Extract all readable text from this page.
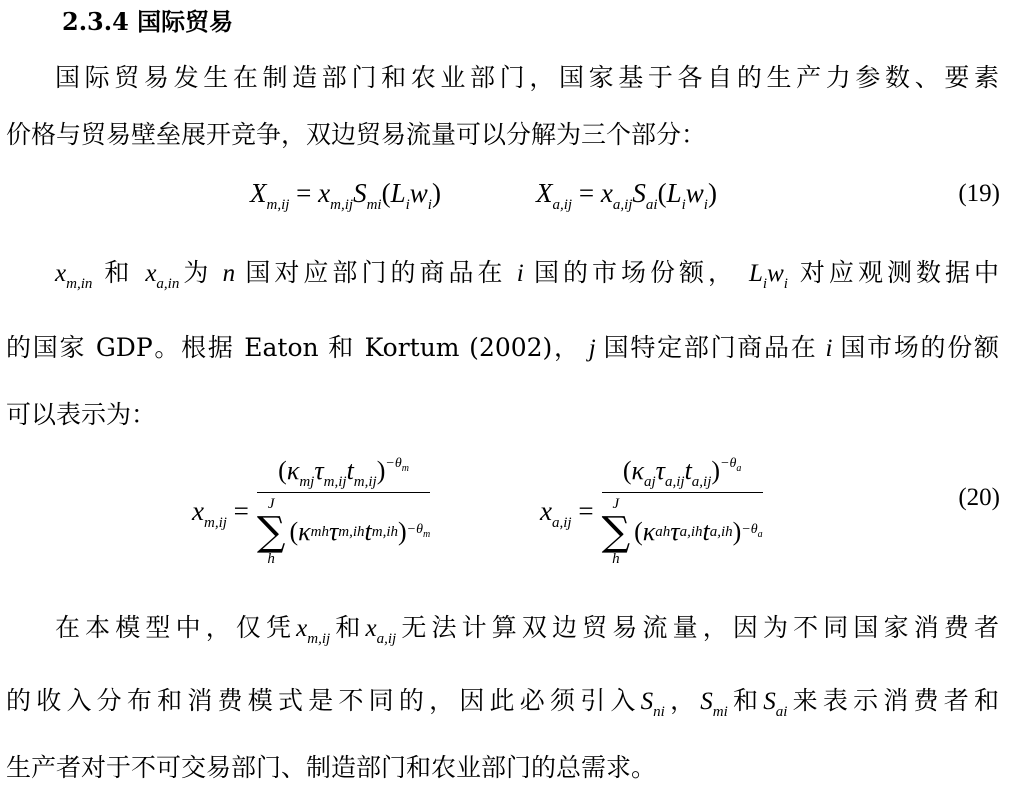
2.3.4 国际贸易
国际贸易发生在制造部门和农业部门，国家基于各自的生产力参数、要素
价格与贸易壁垒展开竞争，双边贸易流量可以分解为三个部分：
$X_{m,ij} = x_{m,ij}S_{mi}(L_iw_i)$	$X_{a,ij} = x_{a,ij}S_{ai}(L_iw_i)$	(19)
$x_{m,in}$ 和 $x_{a,in}$为 n 国对应部门的商品在 i 国的市场份额， $L_iw_i$ 对应观测数据中
的国家 GDP。根据 Eaton 和 Kortum (2002)， j 国特定部门商品在 i 国市场的份额
可以表示为：
$x_{m,ij} = (\kappa_{mj}\tau_{m,ij}t_{m,ij})^{-\theta_m}$
J
∑
h
( κ mh τ m,ih t m,ih ) $-\theta_m$	$x_{a,ij} = (\kappa_{aj}\tau_{a,ij}t_{a,ij})^{-\theta_a}$
J
∑
h
( κ ah τ a,ih t a,ih ) $-\theta_a$	(20)
在本模型中，仅凭$x_{m,ij}$和$x_{a,ij}$无法计算双边贸易流量，因为不同国家消费者
的收入分布和消费模式是不同的，因此必须引入$S_{ni}$，$S_{mi}$和$S_{ai}$来表示消费者和
生产者对于不可交易部门、制造部门和农业部门的总需求。
